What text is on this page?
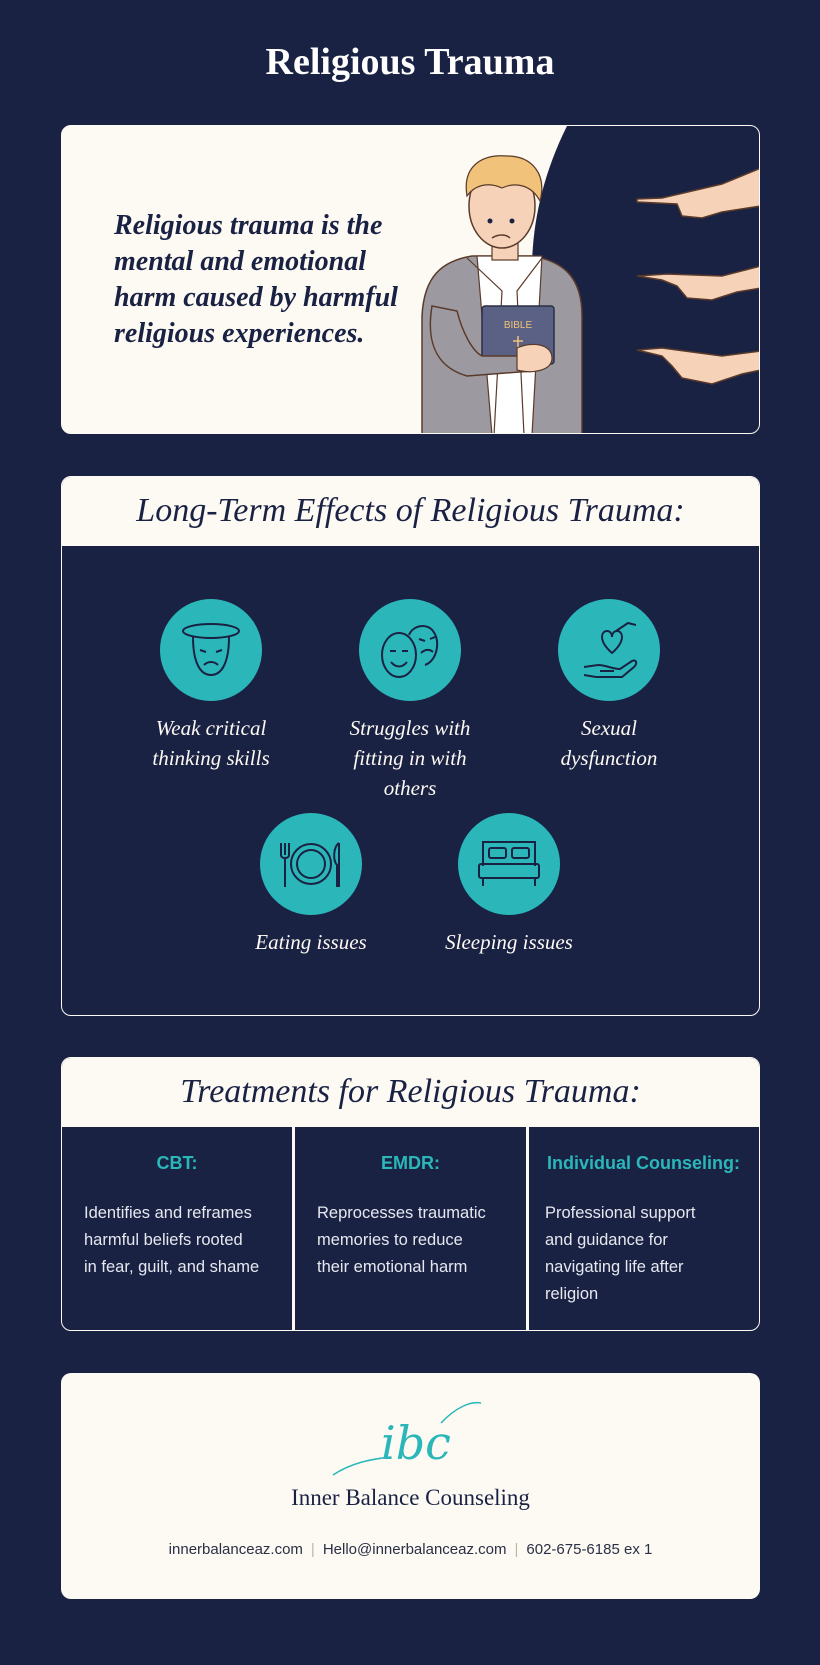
Religious Trauma
BIBLE

Religious trauma is the mental and emotional harm caused by harmful religious experiences.

Long-Term Effects of Religious Trauma:
Weak critical
thinking skills
Struggles with
fitting in with
others
Sexual
dysfunction
Eating issues	Sleeping issues
Treatments for Religious Trauma:
CBT:
Identifies and reframes
harmful beliefs rooted
in fear, guilt, and shame
EMDR:
Reprocesses traumatic
memories to reduce
their emotional harm
Individual Counseling:
Professional support
and guidance for
navigating life after
religion
ibc
Inner Balance Counseling
innerbalanceaz.com | Hello@innerbalanceaz.com | 602-675-6185 ex 1
